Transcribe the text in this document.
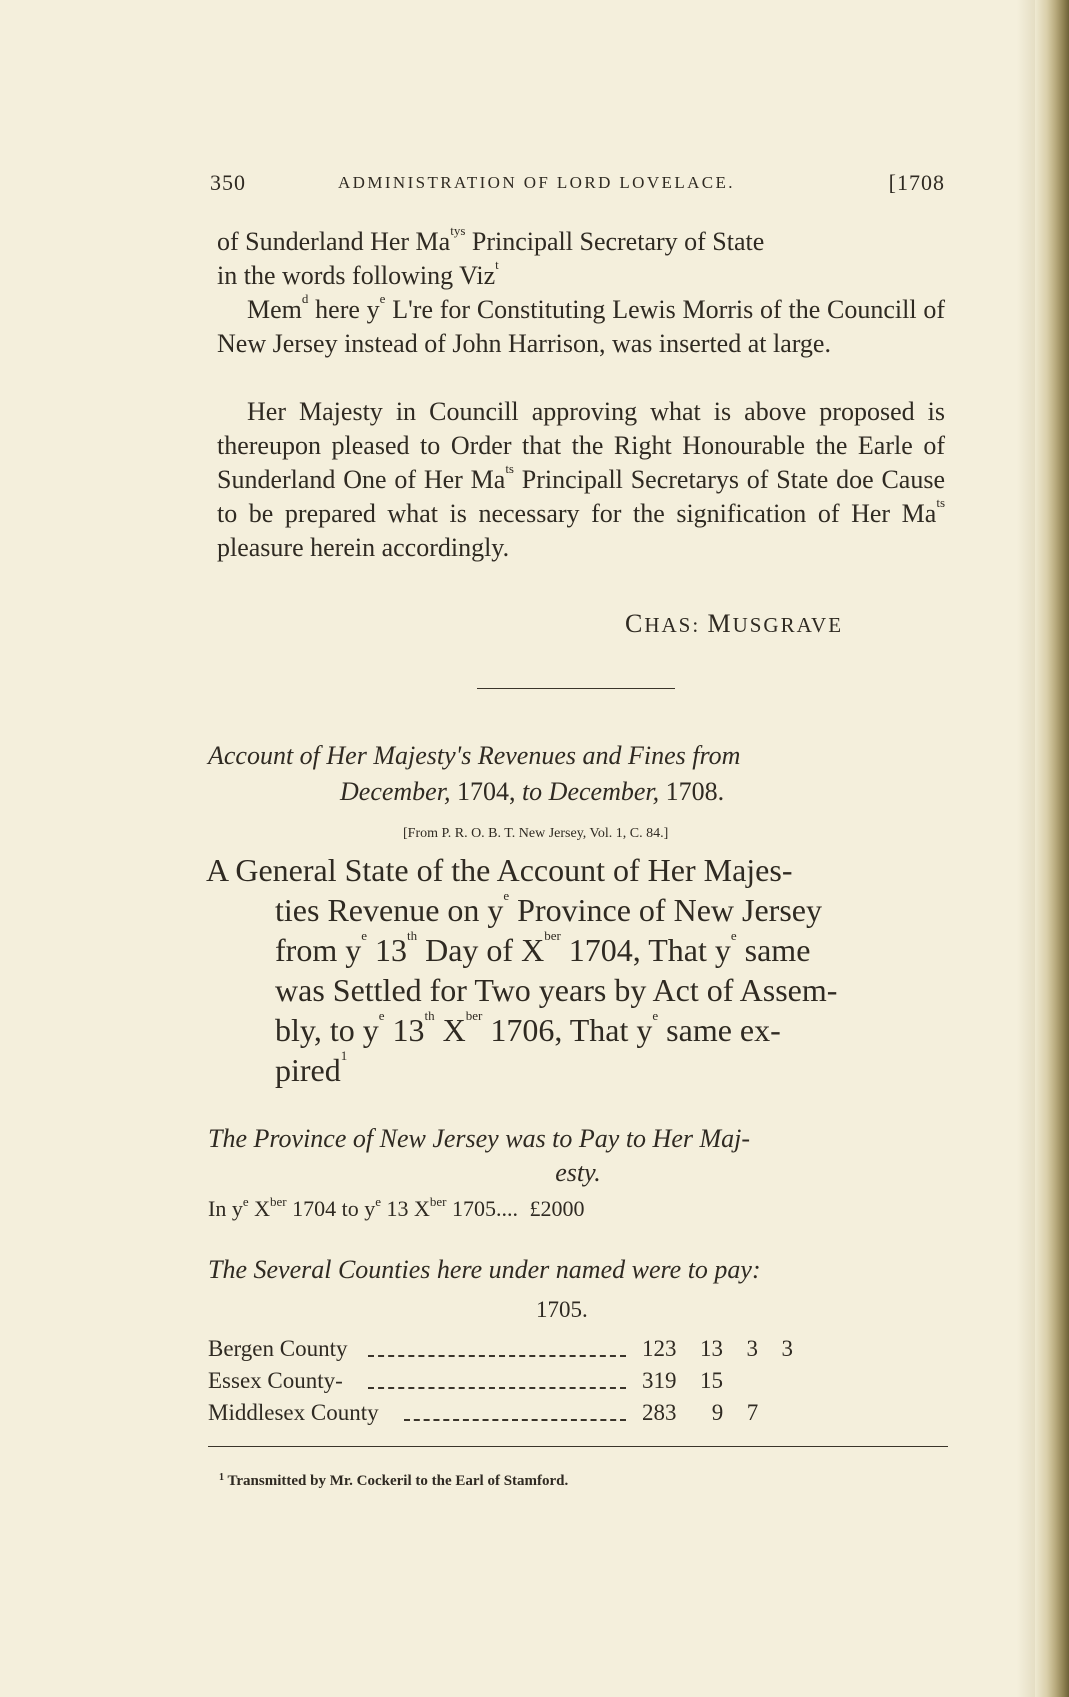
350	ADMINISTRATION OF LORD LOVELACE.	[1708
of Sunderland Her $Ma^{tys}$ Principall Secretary of State
in the words following Viz$^t$
Mem$^d$ here $y^e$ L're for Constituting Lewis Morris of the Councill of New Jersey instead of John Harrison, was inserted at large.
Her Majesty in Councill approving what is above proposed is thereupon pleased to Order that the Right Honourable the Earle of Sunderland One of Her $Ma^{ts}$ Principall Secretarys of State doe Cause to be prepared what is necessary for the signification of Her $Ma^{ts}$ pleasure herein accordingly.
CHAS: MUSGRAVE
Account of Her Majesty's Revenues and Fines from
December, 1704, to December, 1708.
[From P. R. O. B. T. New Jersey, Vol. 1, C. 84.]
A General State of the Account of Her Majes-
ties Revenue on $y^e$ Province of New Jersey
from $y^e$ 13th Day of $X^{ber}$ 1704, That $y^e$ same
was Settled for Two years by Act of Assem-
bly, to $y^e$ 13th $X^{ber}$ 1706, That $y^e$ same ex-
pired$^1$
The Province of New Jersey was to Pay to Her Maj-
esty.
In $y^e$ $X^{ber}$ 1704 to $y^e$ 13 $X^{ber}$ 1705.... £2000
The Several Counties here under named were to pay:
1705.
Bergen County	123  13  3  3
Essex County-	319  15
Middlesex County	283   9  7
$^1$ Transmitted by Mr. Cockeril to the Earl of Stamford.
